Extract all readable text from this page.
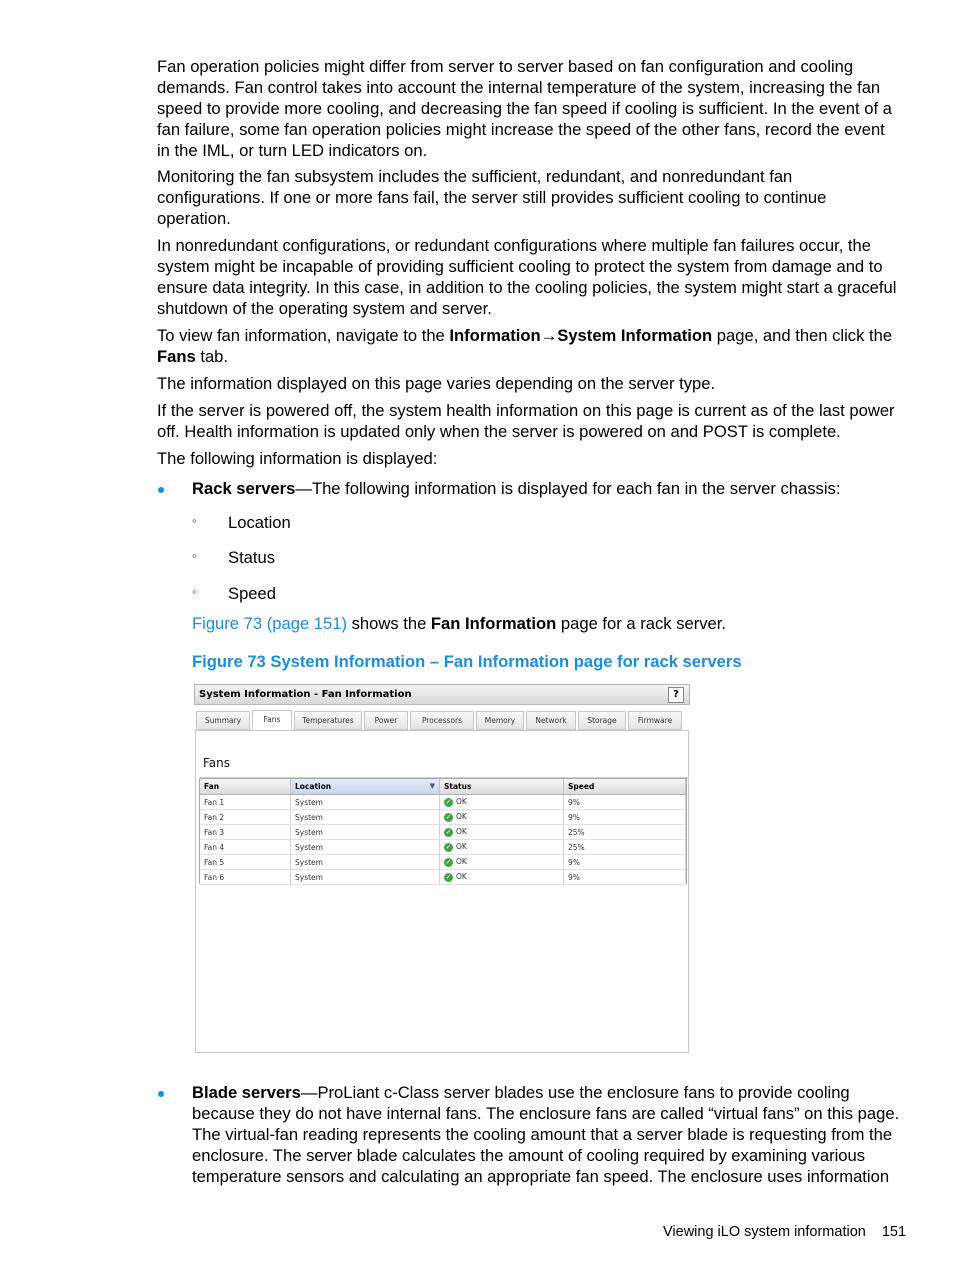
Fan operation policies might differ from server to server based on fan configuration and cooling demands. Fan control takes into account the internal temperature of the system, increasing the fan speed to provide more cooling, and decreasing the fan speed if cooling is sufficient. In the event of a fan failure, some fan operation policies might increase the speed of the other fans, record the event in the IML, or turn LED indicators on.

Monitoring the fan subsystem includes the sufficient, redundant, and nonredundant fan configurations. If one or more fans fail, the server still provides sufficient cooling to continue operation.

In nonredundant configurations, or redundant configurations where multiple fan failures occur, the system might be incapable of providing sufficient cooling to protect the system from damage and to ensure data integrity. In this case, in addition to the cooling policies, the system might start a graceful shutdown of the operating system and server.

To view fan information, navigate to the Information→System Information page, and then click the Fans tab.

The information displayed on this page varies depending on the server type.

If the server is powered off, the system health information on this page is current as of the last power off. Health information is updated only when the server is powered on and POST is complete.

The following information is displayed:

Rack servers—The following information is displayed for each fan in the server chassis:

◦ Location
◦ Status
◦ Speed

Figure 73 (page 151) shows the Fan Information page for a rack server.

Figure 73 System Information – Fan Information page for rack servers
System Information - Fan Information	?
Summary	Fans	Temperatures	Power	Processors	Memory	Network	Storage	Firmware
Fans
Fan	Location ▼	Status	Speed
Fan 1	System	✓ OK	9%
Fan 2	System	✓ OK	9%
Fan 3	System	✓ OK	25%
Fan 4	System	✓ OK	25%
Fan 5	System	✓ OK	9%
Fan 6	System	✓ OK	9%

Blade servers—ProLiant c-Class server blades use the enclosure fans to provide cooling because they do not have internal fans. The enclosure fans are called “virtual fans” on this page. The virtual-fan reading represents the cooling amount that a server blade is requesting from the enclosure. The server blade calculates the amount of cooling required by examining various temperature sensors and calculating an appropriate fan speed. The enclosure uses information

Viewing iLO system information 151
